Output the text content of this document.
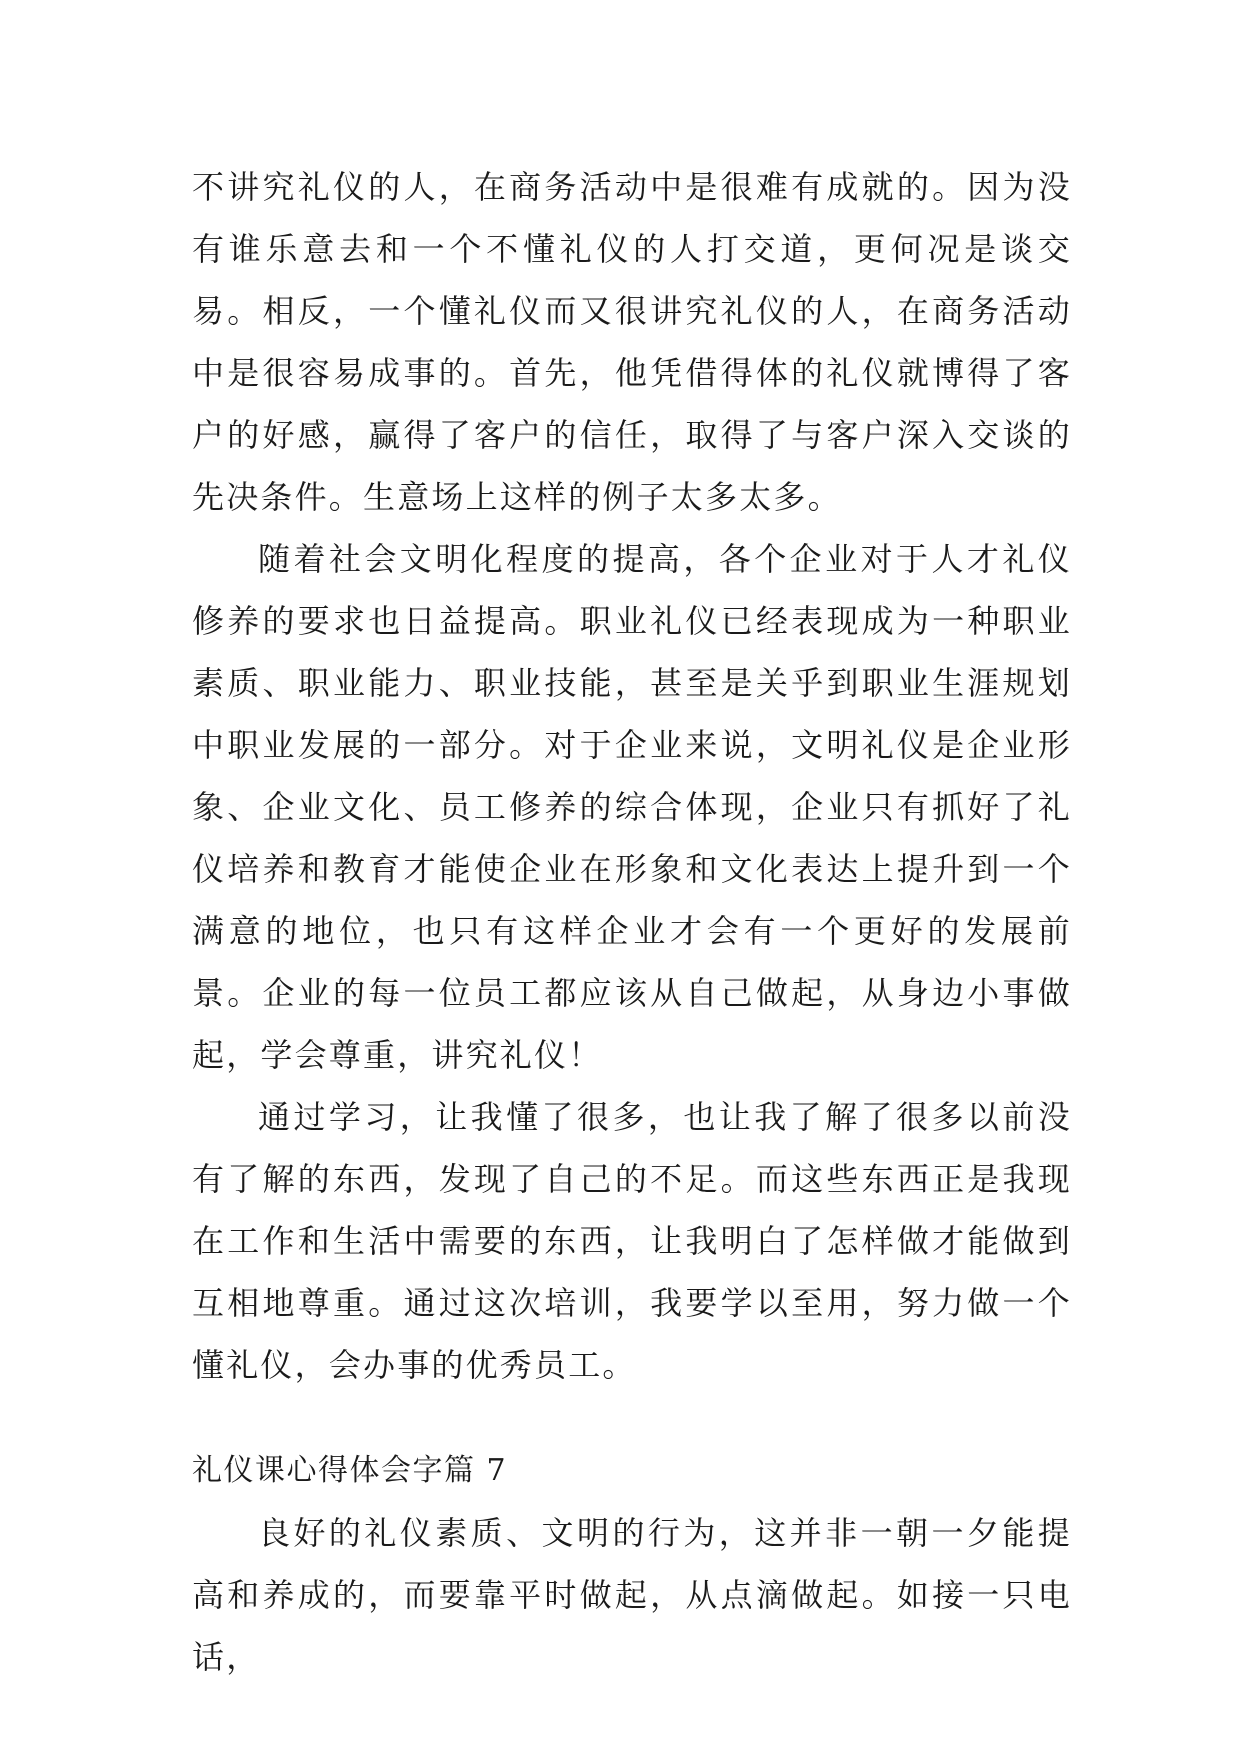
不讲究礼仪的人，在商务活动中是很难有成就的。因为没有谁乐意去和一个不懂礼仪的人打交道，更何况是谈交易。相反，一个懂礼仪而又很讲究礼仪的人，在商务活动中是很容易成事的。首先，他凭借得体的礼仪就博得了客户的好感，赢得了客户的信任，取得了与客户深入交谈的先决条件。生意场上这样的例子太多太多。

随着社会文明化程度的提高，各个企业对于人才礼仪修养的要求也日益提高。职业礼仪已经表现成为一种职业素质、职业能力、职业技能，甚至是关乎到职业生涯规划中职业发展的一部分。对于企业来说，文明礼仪是企业形象、企业文化、员工修养的综合体现，企业只有抓好了礼仪培养和教育才能使企业在形象和文化表达上提升到一个满意的地位，也只有这样企业才会有一个更好的发展前景。企业的每一位员工都应该从自己做起，从身边小事做起，学会尊重，讲究礼仪！

通过学习，让我懂了很多，也让我了解了很多以前没有了解的东西，发现了自己的不足。而这些东西正是我现在工作和生活中需要的东西，让我明白了怎样做才能做到互相地尊重。通过这次培训，我要学以至用，努力做一个懂礼仪，会办事的优秀员工。

礼仪课心得体会字篇 7

良好的礼仪素质、文明的行为，这并非一朝一夕能提高和养成的，而要靠平时做起，从点滴做起。如接一只电话，
